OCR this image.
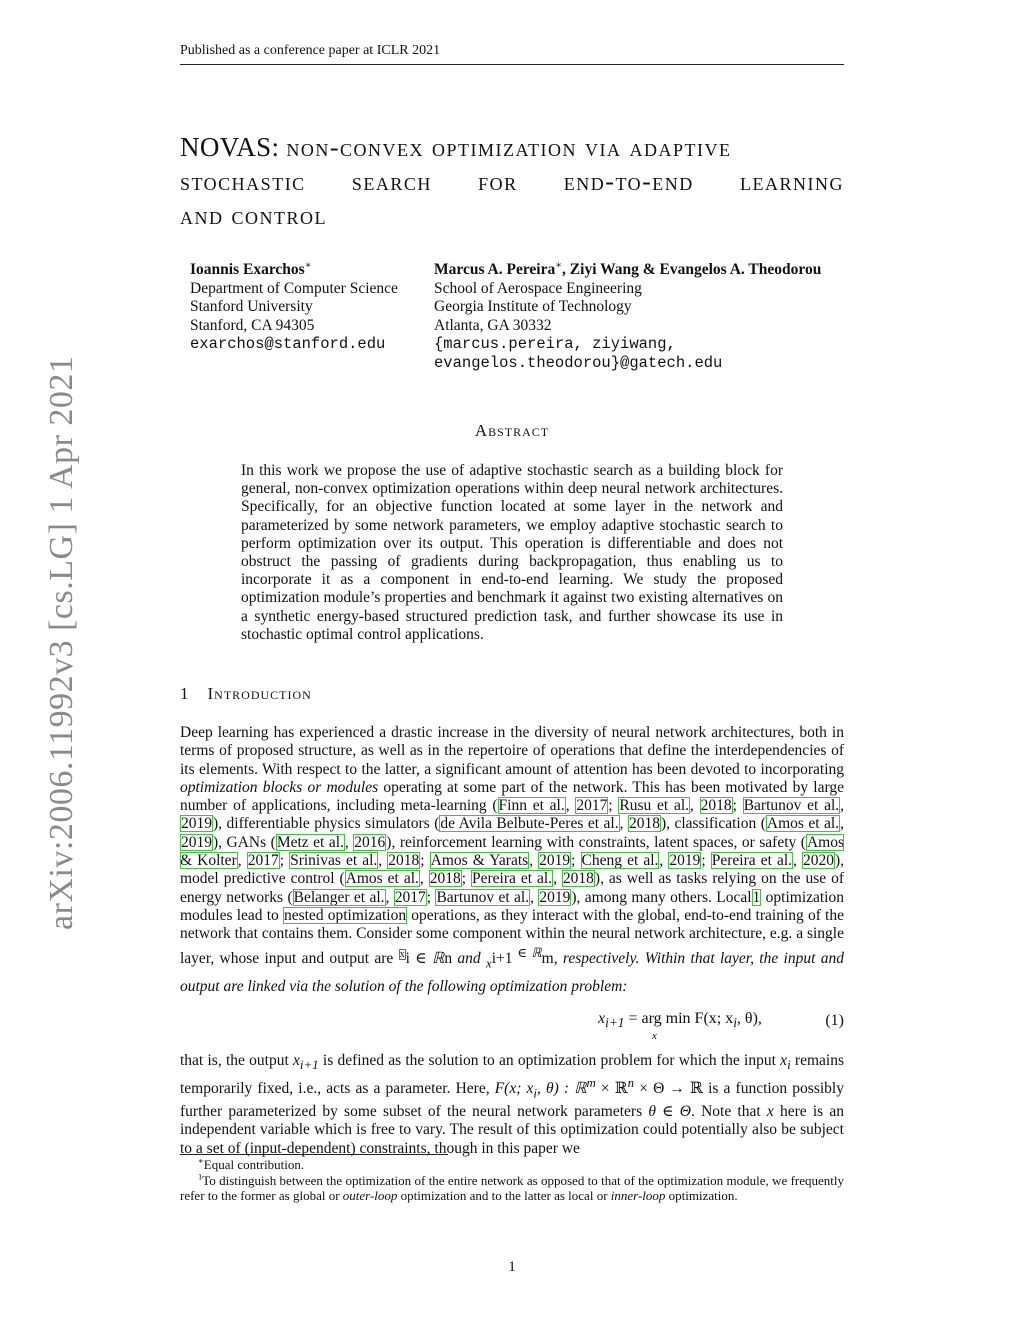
Published as a conference paper at ICLR 2021
arXiv:2006.11992v3 [cs.LG] 1 Apr 2021
NOVAS: non-convex optimization via adaptive
stochastic search for end-to-end learning
and control
Ioannis Exarchos∗
Department of Computer Science
Stanford University
Stanford, CA 94305
exarchos@stanford.edu
Marcus A. Pereira∗, Ziyi Wang & Evangelos A. Theodorou
School of Aerospace Engineering
Georgia Institute of Technology
Atlanta, GA 30332
{marcus.pereira, ziyiwang,
evangelos.theodorou}@gatech.edu
Abstract
In this work we propose the use of adaptive stochastic search as a building block for general, non-convex optimization operations within deep neural network architectures. Specifically, for an objective function located at some layer in the network and parameterized by some network parameters, we employ adaptive stochastic search to perform optimization over its output. This operation is differentiable and does not obstruct the passing of gradients during backpropagation, thus enabling us to incorporate it as a component in end-to-end learning. We study the proposed optimization module’s properties and benchmark it against two existing alternatives on a synthetic energy-based structured prediction task, and further showcase its use in stochastic optimal control applications.
1 Introduction
Deep learning has experienced a drastic increase in the diversity of neural network architectures, both in terms of proposed structure, as well as in the repertoire of operations that define the interdependencies of its elements. With respect to the latter, a significant amount of attention has been devoted to incorporating optimization blocks or modules operating at some part of the network. This has been motivated by large number of applications, including meta-learning (Finn et al., 2017; Rusu et al., 2018; Bartunov et al., 2019), differentiable physics simulators (de Avila Belbute-Peres et al., 2018), classification (Amos et al., 2019), GANs (Metz et al., 2016), reinforcement learning with constraints, latent spaces, or safety (Amos & Kolter, 2017; Srinivas et al., 2018; Amos & Yarats, 2019; Cheng et al., 2019; Pereira et al., 2020), model predictive control (Amos et al., 2018; Pereira et al., 2018), as well as tasks relying on the use of energy networks (Belanger et al., 2017; Bartunov et al., 2019), among many others. Local1 optimization modules lead to nested optimization operations, as they interact with the global, end-to-end training of the network that contains them. Consider some component within the neural network architecture, e.g. a single layer, whose input and output are $^x$i ∈ ℝn and $_x$i+1 $^{\in ℝ}$m, respectively. Within that layer, the input and output are linked via the solution of the following optimization problem:
$x_{i+1}$ = arg min F(x; $x_i$, θ),
x
(1)
that is, the output $x_{i+1}$ is defined as the solution to an optimization problem for which the input $x_i$ remains temporarily fixed, i.e., acts as a parameter. Here, F(x; $x_i$, θ) : ℝ$^m$ × ℝ$^n$ × Θ → ℝ is a function possibly further parameterized by some subset of the neural network parameters θ ∈ Θ. Note that x here is an independent variable which is free to vary. The result of this optimization could potentially also be subject to a set of (input-dependent) constraints, though in this paper we
∗Equal contribution.
$^1$To distinguish between the optimization of the entire network as opposed to that of the optimization module, we frequently refer to the former as global or outer-loop optimization and to the latter as local or inner-loop optimization.
1
